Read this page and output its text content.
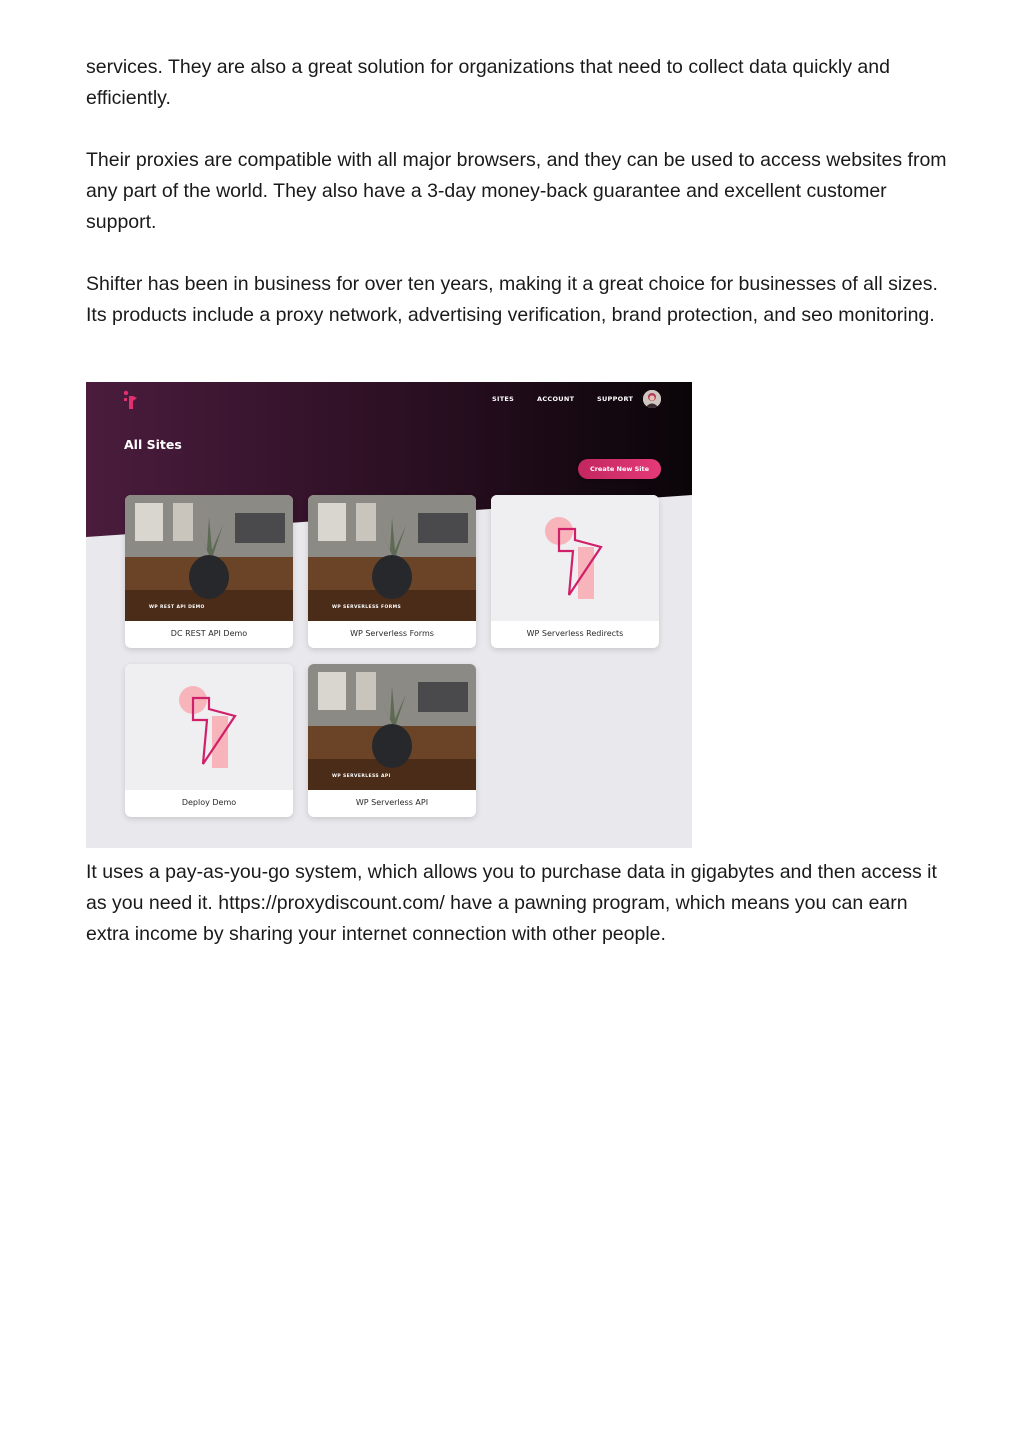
services. They are also a great solution for organizations that need to collect data quickly and efficiently.

Their proxies are compatible with all major browsers, and they can be used to access websites from any part of the world. They also have a 3-day money-back guarantee and excellent customer support.

Shifter has been in business for over ten years, making it a great choice for businesses of all sizes. Its products include a proxy network, advertising verification, brand protection, and seo monitoring.

SITES	ACCOUNT	SUPPORT
All Sites
Create New Site
WP REST API DEMO
DC REST API Demo
WP SERVERLESS FORMS
WP Serverless Forms	WP Serverless Redirects
Deploy Demo
WP SERVERLESS API
WP Serverless API

It uses a pay-as-you-go system, which allows you to purchase data in gigabytes and then access it as you need it. https://proxydiscount.com/ have a pawning program, which means you can earn extra income by sharing your internet connection with other people.
